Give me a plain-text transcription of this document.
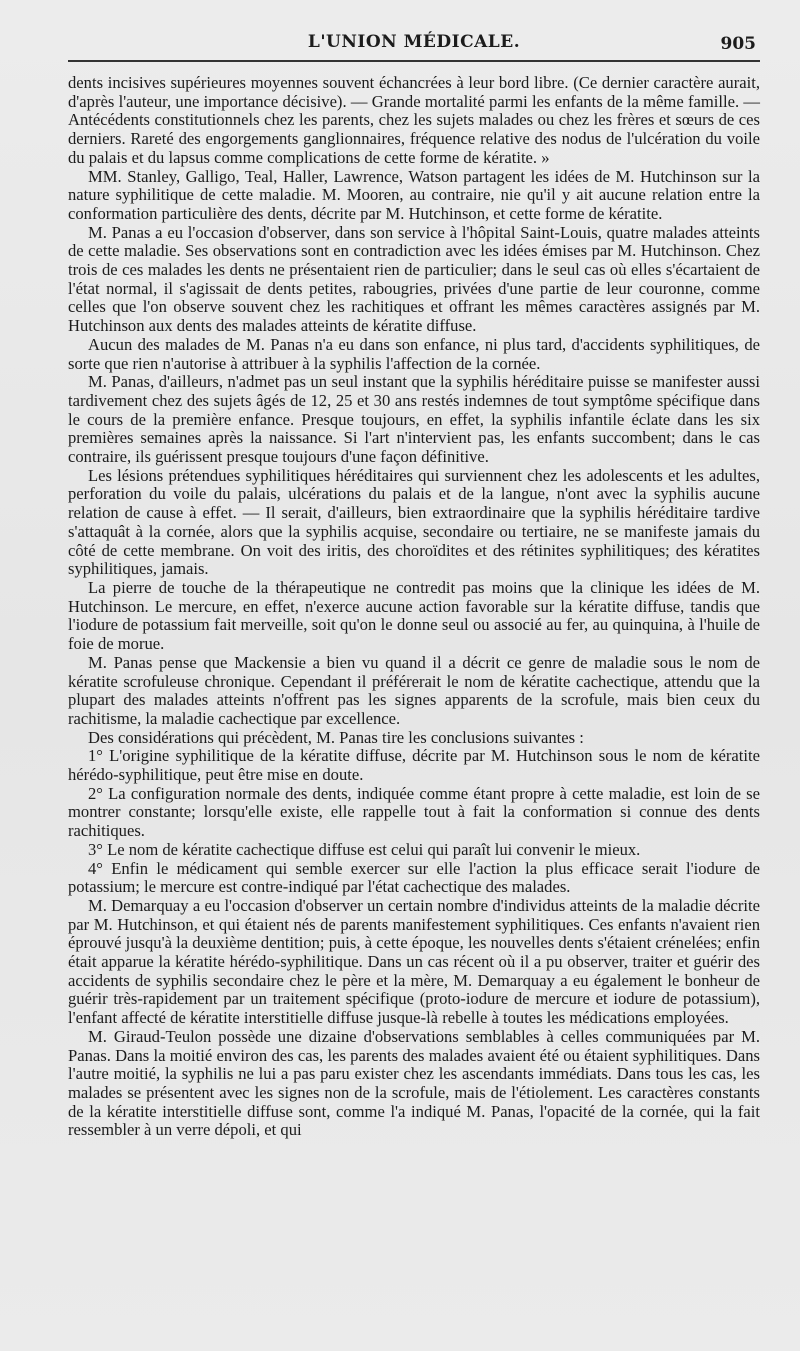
L'UNION MÉDICALE.	905

dents incisives supérieures moyennes souvent échancrées à leur bord libre. (Ce dernier caractère aurait, d'après l'auteur, une importance décisive). — Grande mortalité parmi les enfants de la même famille. — Antécédents constitutionnels chez les parents, chez les sujets malades ou chez les frères et sœurs de ces derniers. Rareté des engorgements ganglionnaires, fréquence relative des nodus de l'ulcération du voile du palais et du lapsus comme complications de cette forme de kératite. »

MM. Stanley, Galligo, Teal, Haller, Lawrence, Watson partagent les idées de M. Hutchinson sur la nature syphilitique de cette maladie. M. Mooren, au contraire, nie qu'il y ait aucune relation entre la conformation particulière des dents, décrite par M. Hutchinson, et cette forme de kératite.

M. Panas a eu l'occasion d'observer, dans son service à l'hôpital Saint-Louis, quatre malades atteints de cette maladie. Ses observations sont en contradiction avec les idées émises par M. Hutchinson. Chez trois de ces malades les dents ne présentaient rien de particulier; dans le seul cas où elles s'écartaient de l'état normal, il s'agissait de dents petites, rabougries, privées d'une partie de leur couronne, comme celles que l'on observe souvent chez les rachitiques et offrant les mêmes caractères assignés par M. Hutchinson aux dents des malades atteints de kératite diffuse.

Aucun des malades de M. Panas n'a eu dans son enfance, ni plus tard, d'accidents syphilitiques, de sorte que rien n'autorise à attribuer à la syphilis l'affection de la cornée.

M. Panas, d'ailleurs, n'admet pas un seul instant que la syphilis héréditaire puisse se manifester aussi tardivement chez des sujets âgés de 12, 25 et 30 ans restés indemnes de tout symptôme spécifique dans le cours de la première enfance. Presque toujours, en effet, la syphilis infantile éclate dans les six premières semaines après la naissance. Si l'art n'intervient pas, les enfants succombent; dans le cas contraire, ils guérissent presque toujours d'une façon définitive.

Les lésions prétendues syphilitiques héréditaires qui surviennent chez les adolescents et les adultes, perforation du voile du palais, ulcérations du palais et de la langue, n'ont avec la syphilis aucune relation de cause à effet. — Il serait, d'ailleurs, bien extraordinaire que la syphilis héréditaire tardive s'attaquât à la cornée, alors que la syphilis acquise, secondaire ou tertiaire, ne se manifeste jamais du côté de cette membrane. On voit des iritis, des choroïdites et des rétinites syphilitiques; des kératites syphilitiques, jamais.

La pierre de touche de la thérapeutique ne contredit pas moins que la clinique les idées de M. Hutchinson. Le mercure, en effet, n'exerce aucune action favorable sur la kératite diffuse, tandis que l'iodure de potassium fait merveille, soit qu'on le donne seul ou associé au fer, au quinquina, à l'huile de foie de morue.

M. Panas pense que Mackensie a bien vu quand il a décrit ce genre de maladie sous le nom de kératite scrofuleuse chronique. Cependant il préférerait le nom de kératite cachectique, attendu que la plupart des malades atteints n'offrent pas les signes apparents de la scrofule, mais bien ceux du rachitisme, la maladie cachectique par excellence.

Des considérations qui précèdent, M. Panas tire les conclusions suivantes :

1° L'origine syphilitique de la kératite diffuse, décrite par M. Hutchinson sous le nom de kératite hérédo-syphilitique, peut être mise en doute.

2° La configuration normale des dents, indiquée comme étant propre à cette maladie, est loin de se montrer constante; lorsqu'elle existe, elle rappelle tout à fait la conformation si connue des dents rachitiques.

3° Le nom de kératite cachectique diffuse est celui qui paraît lui convenir le mieux.

4° Enfin le médicament qui semble exercer sur elle l'action la plus efficace serait l'iodure de potassium; le mercure est contre-indiqué par l'état cachectique des malades.

M. Demarquay a eu l'occasion d'observer un certain nombre d'individus atteints de la maladie décrite par M. Hutchinson, et qui étaient nés de parents manifestement syphilitiques. Ces enfants n'avaient rien éprouvé jusqu'à la deuxième dentition; puis, à cette époque, les nouvelles dents s'étaient crénelées; enfin était apparue la kératite hérédo-syphilitique. Dans un cas récent où il a pu observer, traiter et guérir des accidents de syphilis secondaire chez le père et la mère, M. Demarquay a eu également le bonheur de guérir très-rapidement par un traitement spécifique (proto-iodure de mercure et iodure de potassium), l'enfant affecté de kératite interstitielle diffuse jusque-là rebelle à toutes les médications employées.

M. Giraud-Teulon possède une dizaine d'observations semblables à celles communiquées par M. Panas. Dans la moitié environ des cas, les parents des malades avaient été ou étaient syphilitiques. Dans l'autre moitié, la syphilis ne lui a pas paru exister chez les ascendants immédiats. Dans tous les cas, les malades se présentent avec les signes non de la scrofule, mais de l'étiolement. Les caractères constants de la kératite interstitielle diffuse sont, comme l'a indiqué M. Panas, l'opacité de la cornée, qui la fait ressembler à un verre dépoli, et qui
